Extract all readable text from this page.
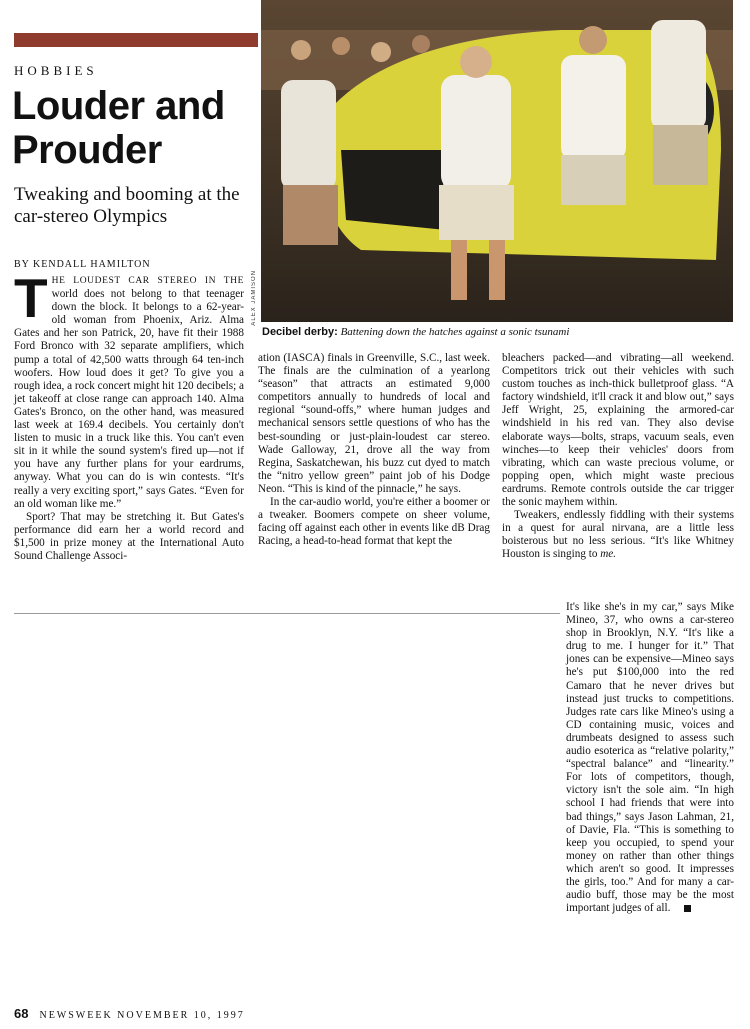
HOBBIES
Louder and Prouder
Tweaking and booming at the car-stereo Olympics
BY KENDALL HAMILTON
ALEX JAMISON
Decibel derby: Battening down the hatches against a sonic tsunami

THE LOUDEST CAR STEREO IN THE world does not belong to that teenager down the block. It belongs to a 62-year-old woman from Phoenix, Ariz. Alma Gates and her son Patrick, 20, have fit their 1988 Ford Bronco with 32 separate amplifiers, which pump a total of 42,500 watts through 64 ten-inch woofers. How loud does it get? To give you a rough idea, a rock concert might hit 120 decibels; a jet takeoff at close range can approach 140. Alma Gates's Bronco, on the other hand, was measured last week at 169.4 decibels. You certainly don't listen to music in a truck like this. You can't even sit in it while the sound system's fired up—not if you have any further plans for your eardrums, anyway. What you can do is win contests. “It's really a very exciting sport,” says Gates. “Even for an old woman like me.”

Sport? That may be stretching it. But Gates's performance did earn her a world record and $1,500 in prize money at the International Auto Sound Challenge Associ-

ation (IASCA) finals in Greenville, S.C., last week. The finals are the culmination of a yearlong “season” that attracts an estimated 9,000 competitors annually to hundreds of local and regional “sound-offs,” where human judges and mechanical sensors settle questions of who has the best-sounding or just-plain-loudest car stereo. Wade Galloway, 21, drove all the way from Regina, Saskatchewan, his buzz cut dyed to match the “nitro yellow green” paint job of his Dodge Neon. “This is kind of the pinnacle,” he says.

In the car-audio world, you're either a boomer or a tweaker. Boomers compete on sheer volume, facing off against each other in events like dB Drag Racing, a head-to-head format that kept the

bleachers packed—and vibrating—all weekend. Competitors trick out their vehicles with such custom touches as inch-thick bulletproof glass. “A factory windshield, it'll crack it and blow out,” says Jeff Wright, 25, explaining the armored-car windshield in his red van. They also devise elaborate ways—bolts, straps, vacuum seals, even winches—to keep their vehicles' doors from vibrating, which can waste precious volume, or popping open, which might waste precious eardrums. Remote controls outside the car trigger the sonic mayhem within.

Tweakers, endlessly fiddling with their systems in a quest for aural nirvana, are a little less boisterous but no less serious. “It's like Whitney Houston is singing to me.

It's like she's in my car,” says Mike Mineo, 37, who owns a car-stereo shop in Brooklyn, N.Y. “It's like a drug to me. I hunger for it.” That jones can be expensive—Mineo says he's put $100,000 into the red Camaro that he never drives but instead just trucks to competitions. Judges rate cars like Mineo's using a CD containing music, voices and drumbeats designed to assess such audio esoterica as “relative polarity,” “spectral balance” and “linearity.” For lots of competitors, though, victory isn't the sole aim. “In high school I had friends that were into bad things,” says Jason Lahman, 21, of Davie, Fla. “This is something to keep you occupied, to spend your money on rather than other things which aren't so good. It impresses the girls, too.” And for many a car-audio buff, those may be the most important judges of all.

68 NEWSWEEK NOVEMBER 10, 1997
